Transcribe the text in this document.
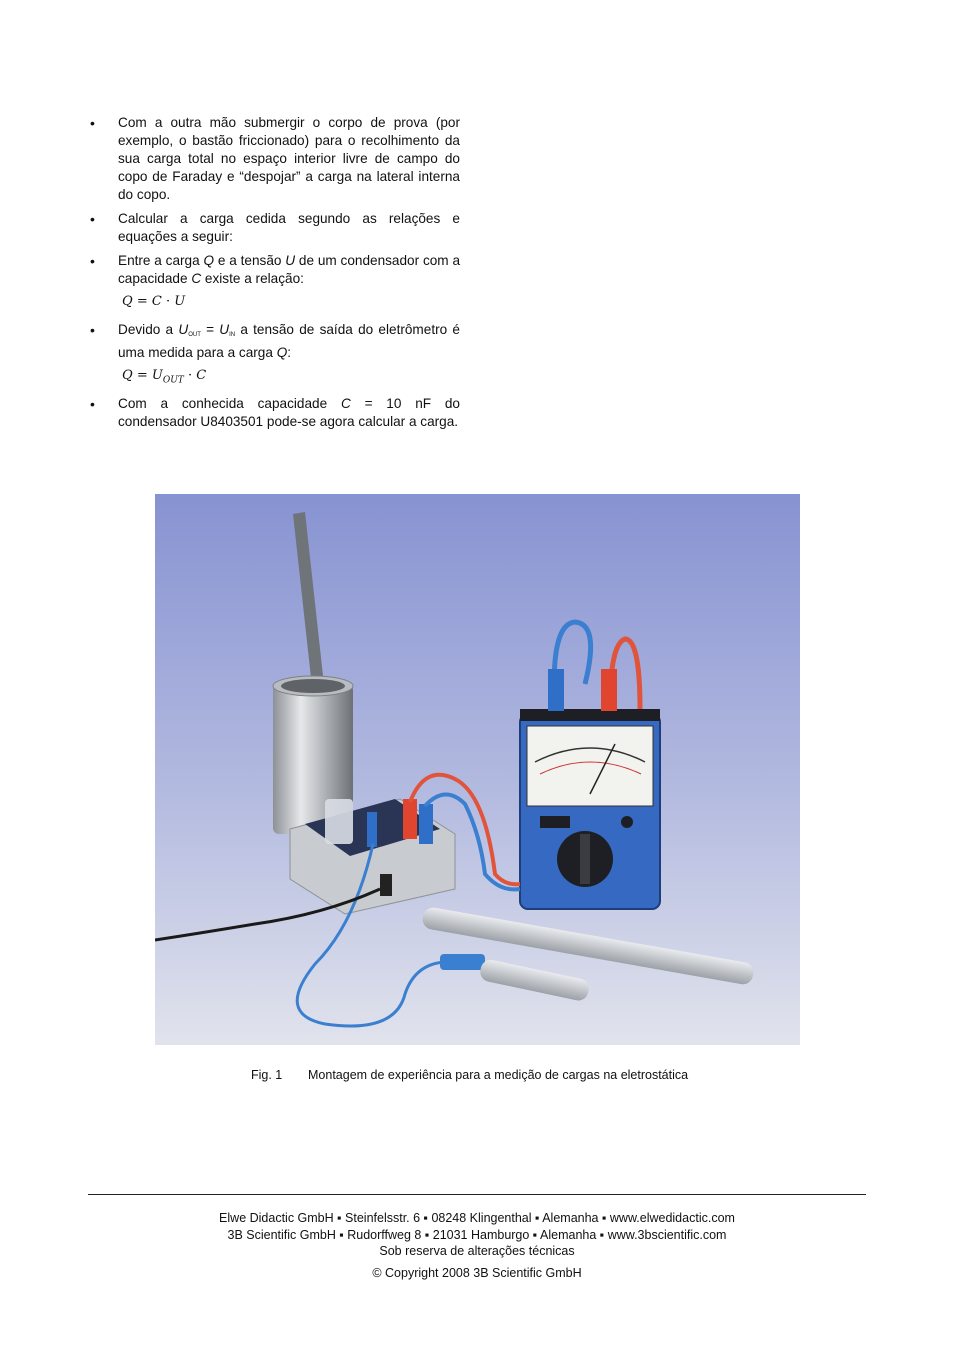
• Com a outra mão submergir o corpo de prova (por exemplo, o bastão friccionado) para o recolhimento da sua carga total no espaço interior livre de campo do copo de Faraday e “despojar” a carga na lateral interna do copo.
• Calcular a carga cedida segundo as relações e equações a seguir:
• Entre a carga Q e a tensão U de um condensador com a capacidade C existe a relação:
Q = C · U
• Devido a $U_{OUT} = U_{IN}$ a tensão de saída do eletrômetro é uma medida para a carga Q:
$Q = U_{OUT} \cdot C$
• Com a conhecida capacidade C = 10 nF do condensador U8403501 pode-se agora calcular a carga.
Fig. 1 Montagem de experiência para a medição de cargas na eletrostática
Elwe Didactic GmbH ▪ Steinfelsstr. 6 ▪ 08248 Klingenthal ▪ Alemanha ▪ www.elwedidactic.com
3B Scientific GmbH ▪ Rudorffweg 8 ▪ 21031 Hamburgo ▪ Alemanha ▪ www.3bscientific.com
Sob reserva de alterações técnicas
© Copyright 2008 3B Scientific GmbH
